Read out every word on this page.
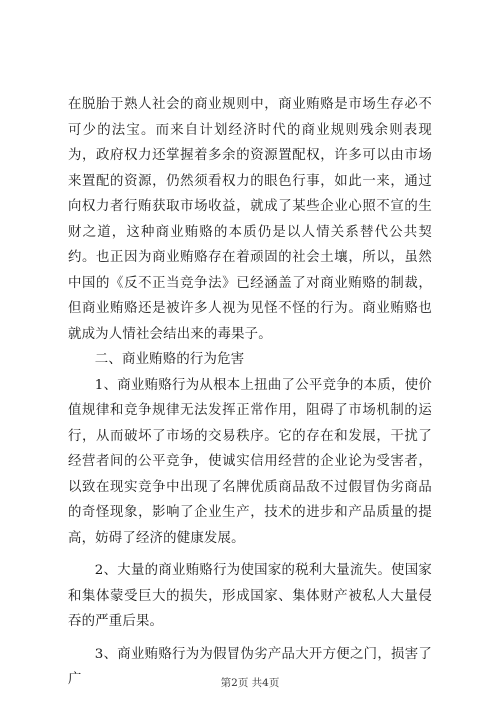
在脱胎于熟人社会的商业规则中，商业贿赂是市场生存必不可少的法宝。而来自计划经济时代的商业规则残余则表现为，政府权力还掌握着多余的资源置配权，许多可以由市场来置配的资源，仍然须看权力的眼色行事，如此一来，通过向权力者行贿获取市场收益，就成了某些企业心照不宣的生财之道，这种商业贿赂的本质仍是以人情关系替代公共契约。也正因为商业贿赂存在着顽固的社会土壤，所以，虽然中国的《反不正当竞争法》已经涵盖了对商业贿赂的制裁，但商业贿赂还是被许多人视为见怪不怪的行为。商业贿赂也就成为人情社会结出来的毒果子。

二、商业贿赂的行为危害

1、商业贿赂行为从根本上扭曲了公平竞争的本质，使价值规律和竞争规律无法发挥正常作用，阻碍了市场机制的运行，从而破坏了市场的交易秩序。它的存在和发展，干扰了经营者间的公平竞争，使诚实信用经营的企业论为受害者，以致在现实竞争中出现了名牌优质商品敌不过假冒伪劣商品的奇怪现象，影响了企业生产，技术的进步和产品质量的提高，妨碍了经济的健康发展。

2、大量的商业贿赂行为使国家的税利大量流失。使国家和集体蒙受巨大的损失，形成国家、集体财产被私人大量侵吞的严重后果。

3、商业贿赂行为为假冒伪劣产品大开方便之门，损害了广	第2页 共4页
